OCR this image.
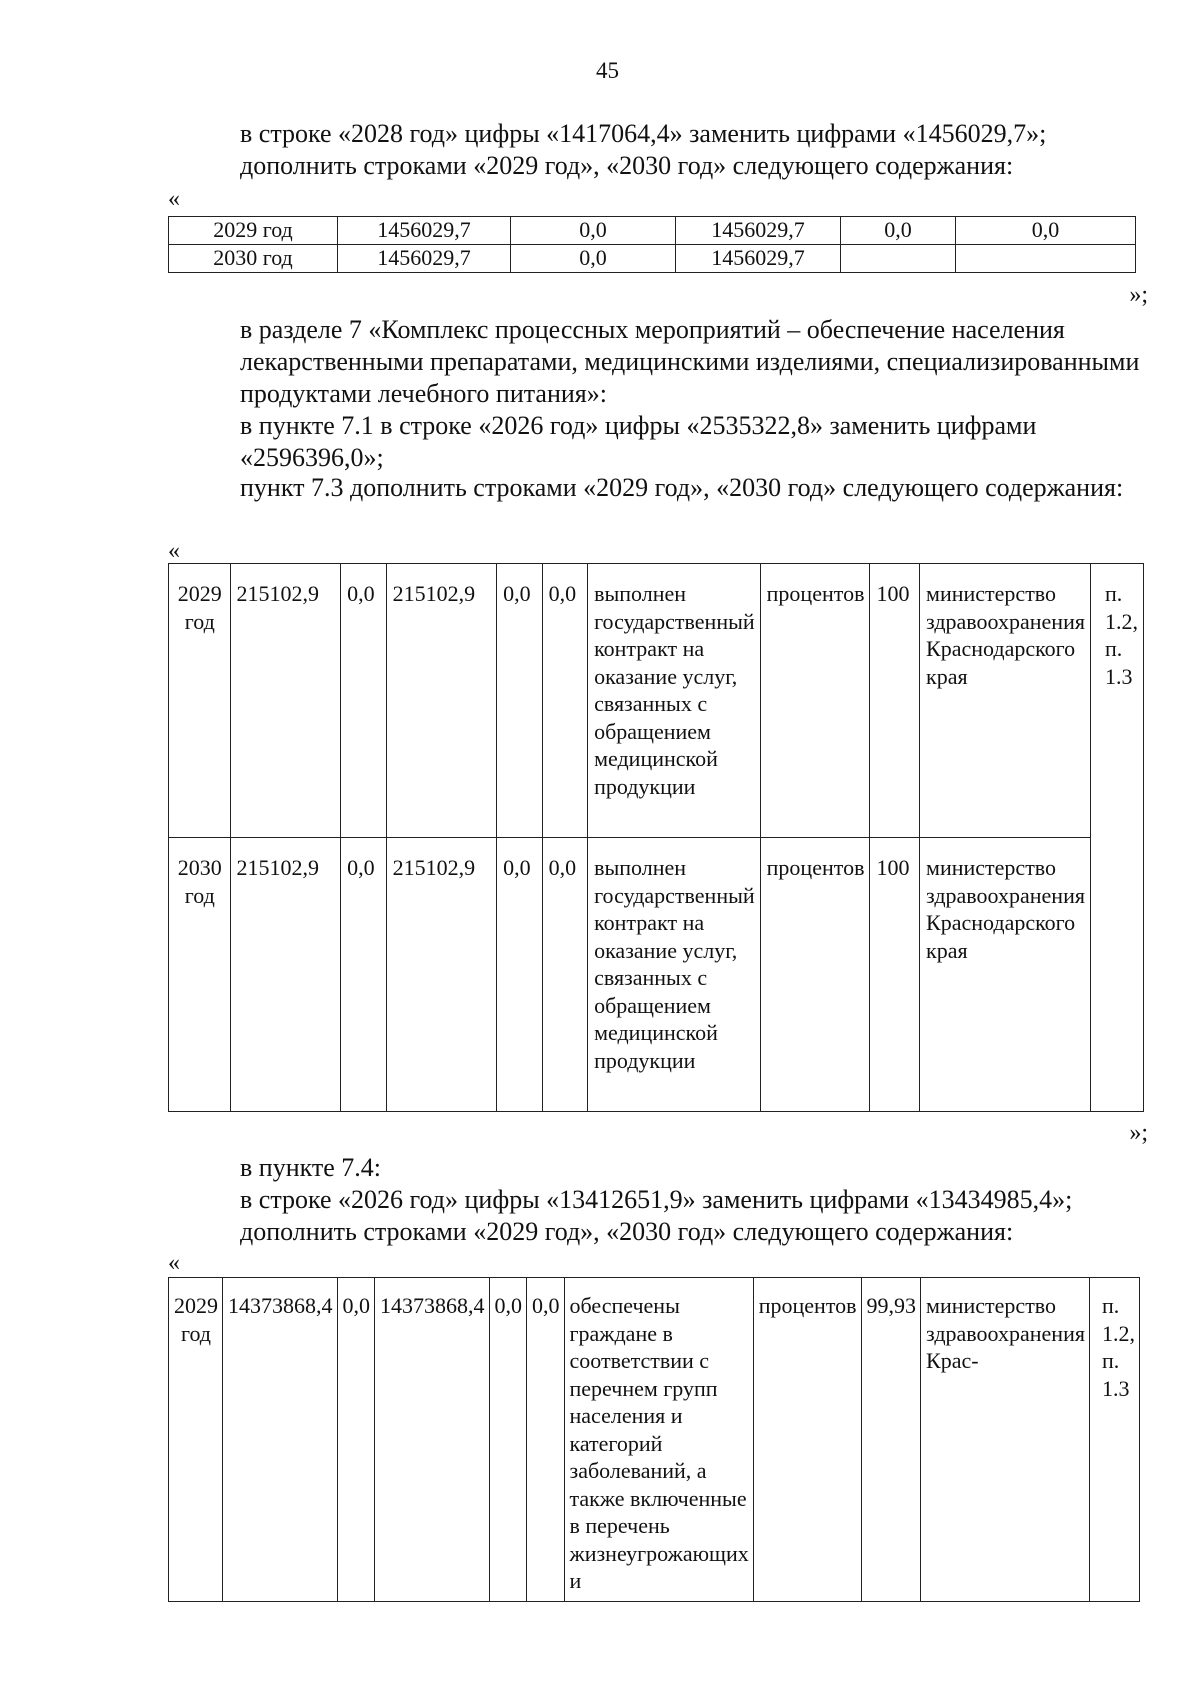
45

в строке «2028 год» цифры «1417064,4» заменить цифрами «1456029,7»;

дополнить строками «2029 год», «2030 год» следующего содержания:

«
2029 год	1456029,7	0,0	1456029,7	0,0	0,0
2030 год	1456029,7	0,0	1456029,7		
»;

в разделе 7 «Комплекс процессных мероприятий – обеспечение населения лекарственными препаратами, медицинскими изделиями, специализированными продуктами лечебного питания»:

в пункте 7.1 в строке «2026 год» цифры «2535322,8» заменить цифрами «2596396,0»;

пункт 7.3 дополнить строками «2029 год», «2030 год» следующего содержания:

«
2029 год	215102,9	0,0	215102,9	0,0	0,0	выполнен государственный контракт на оказание услуг, связанных с обращением медицинской продукции	процентов	100	министерство здравоохранения Краснодарского края	п. 1.2, п. 1.3
2030 год	215102,9	0,0	215102,9	0,0	0,0	выполнен государственный контракт на оказание услуг, связанных с обращением медицинской продукции	процентов	100	министерство здравоохранения Краснодарского края	
»;

в пункте 7.4:

в строке «2026 год» цифры «13412651,9» заменить цифрами «13434985,4»;

дополнить строками «2029 год», «2030 год» следующего содержания:

«
2029 год	14373868,4	0,0	14373868,4	0,0	0,0	обеспечены граждане в соответствии с перечнем групп населения и категорий заболеваний, а также включенные в перечень жизнеугрожающих и	процентов	99,93	министерство здравоохранения Крас-	п. 1.2, п. 1.3
